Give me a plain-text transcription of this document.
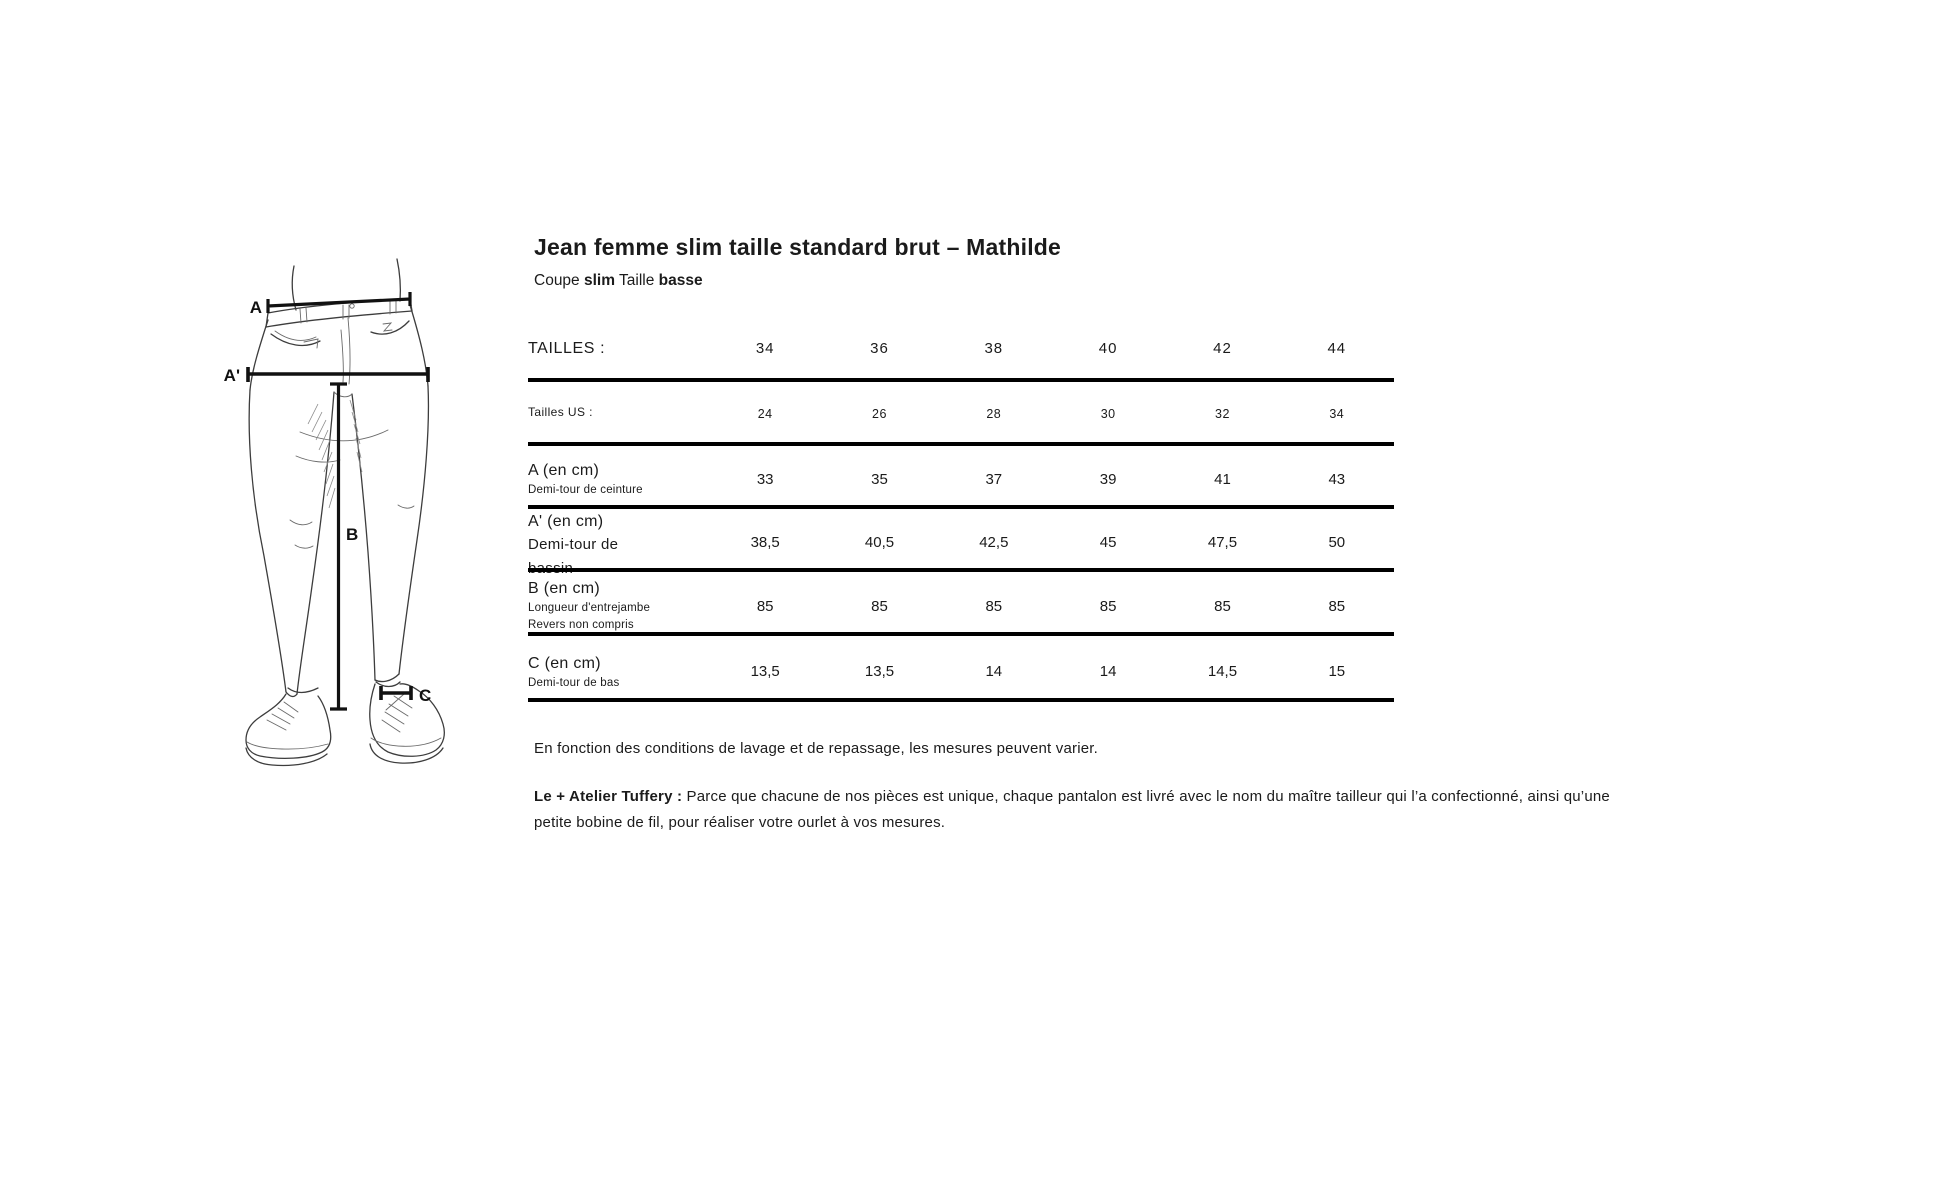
A
A'
B
C
Jean femme slim taille standard brut – Mathilde
Coupe slim Taille basse
TAILLES :	34	36	38	40	42	44
Tailles US :	24	26	28	30	32	34
A (en cm)
Demi-tour de ceinture
33	35	37	39	41	43
A' (en cm)
Demi-tour de	38,5	40,5	42,5	45	47,5	50
B (en cm)
Longueur d'entrejambe
Revers non compris
85	85	85	85	85	85
C (en cm)
Demi-tour de bas
13,5	13,5	14	14	14,5	15
En fonction des conditions de lavage et de repassage, les mesures peuvent varier.
Le + Atelier Tuffery : Parce que chacune de nos pièces est unique, chaque pantalon est livré avec le nom du maître tailleur qui l’a confectionné, ainsi qu’une petite bobine de fil, pour réaliser votre ourlet à vos mesures.
